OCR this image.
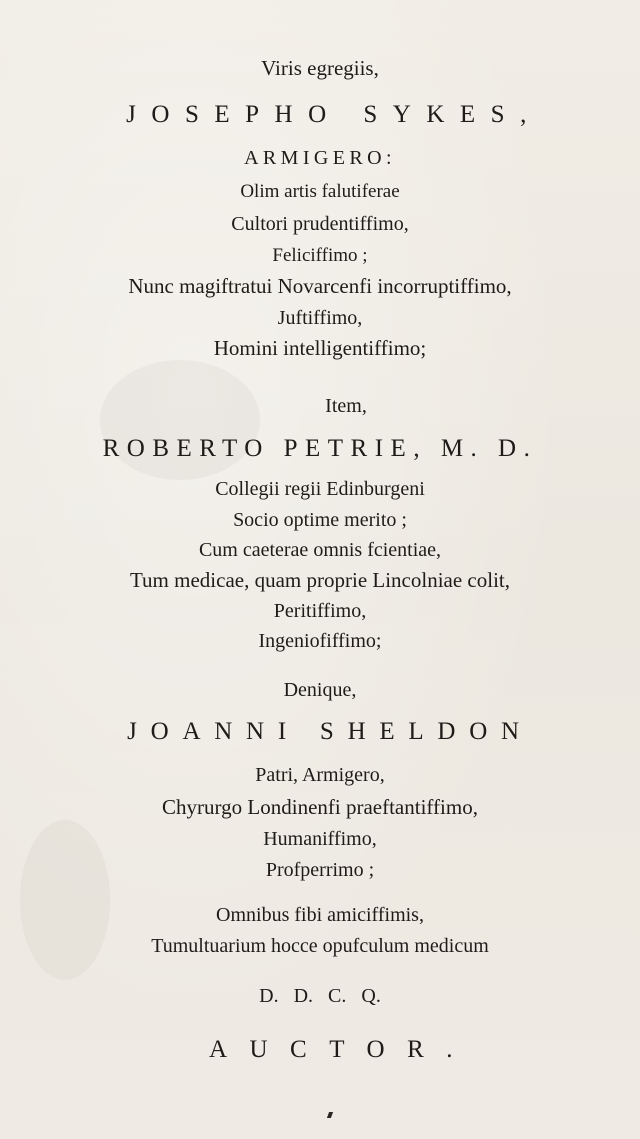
Viris egregiis,
JOSEPHO SYKES,
ARMIGERO:
Olim artis falutiferae
Cultori prudentiffimo,
Feliciffimo ;
Nunc magiftratui Novarcenfi incorruptiffimo,
Juftiffimo,
Homini intelligentiffimo;
Item,
ROBERTO PETRIE, M. D.
Collegii regii Edinburgeni
Socio optime merito ;
Cum caeterae omnis fcientiae,
Tum medicae, quam proprie Lincolniae colit,
Peritiffimo,
Ingeniofiffimo;
Denique,
JOANNI SHELDON
Patri, Armigero,
Chyrurgo Londinenfi praeftantiffimo,
Humaniffimo,
Profperrimo ;
Omnibus fibi amiciffimis,
Tumultuarium hocce opufculum medicum
D. D. C. Q.
AUCTOR.
